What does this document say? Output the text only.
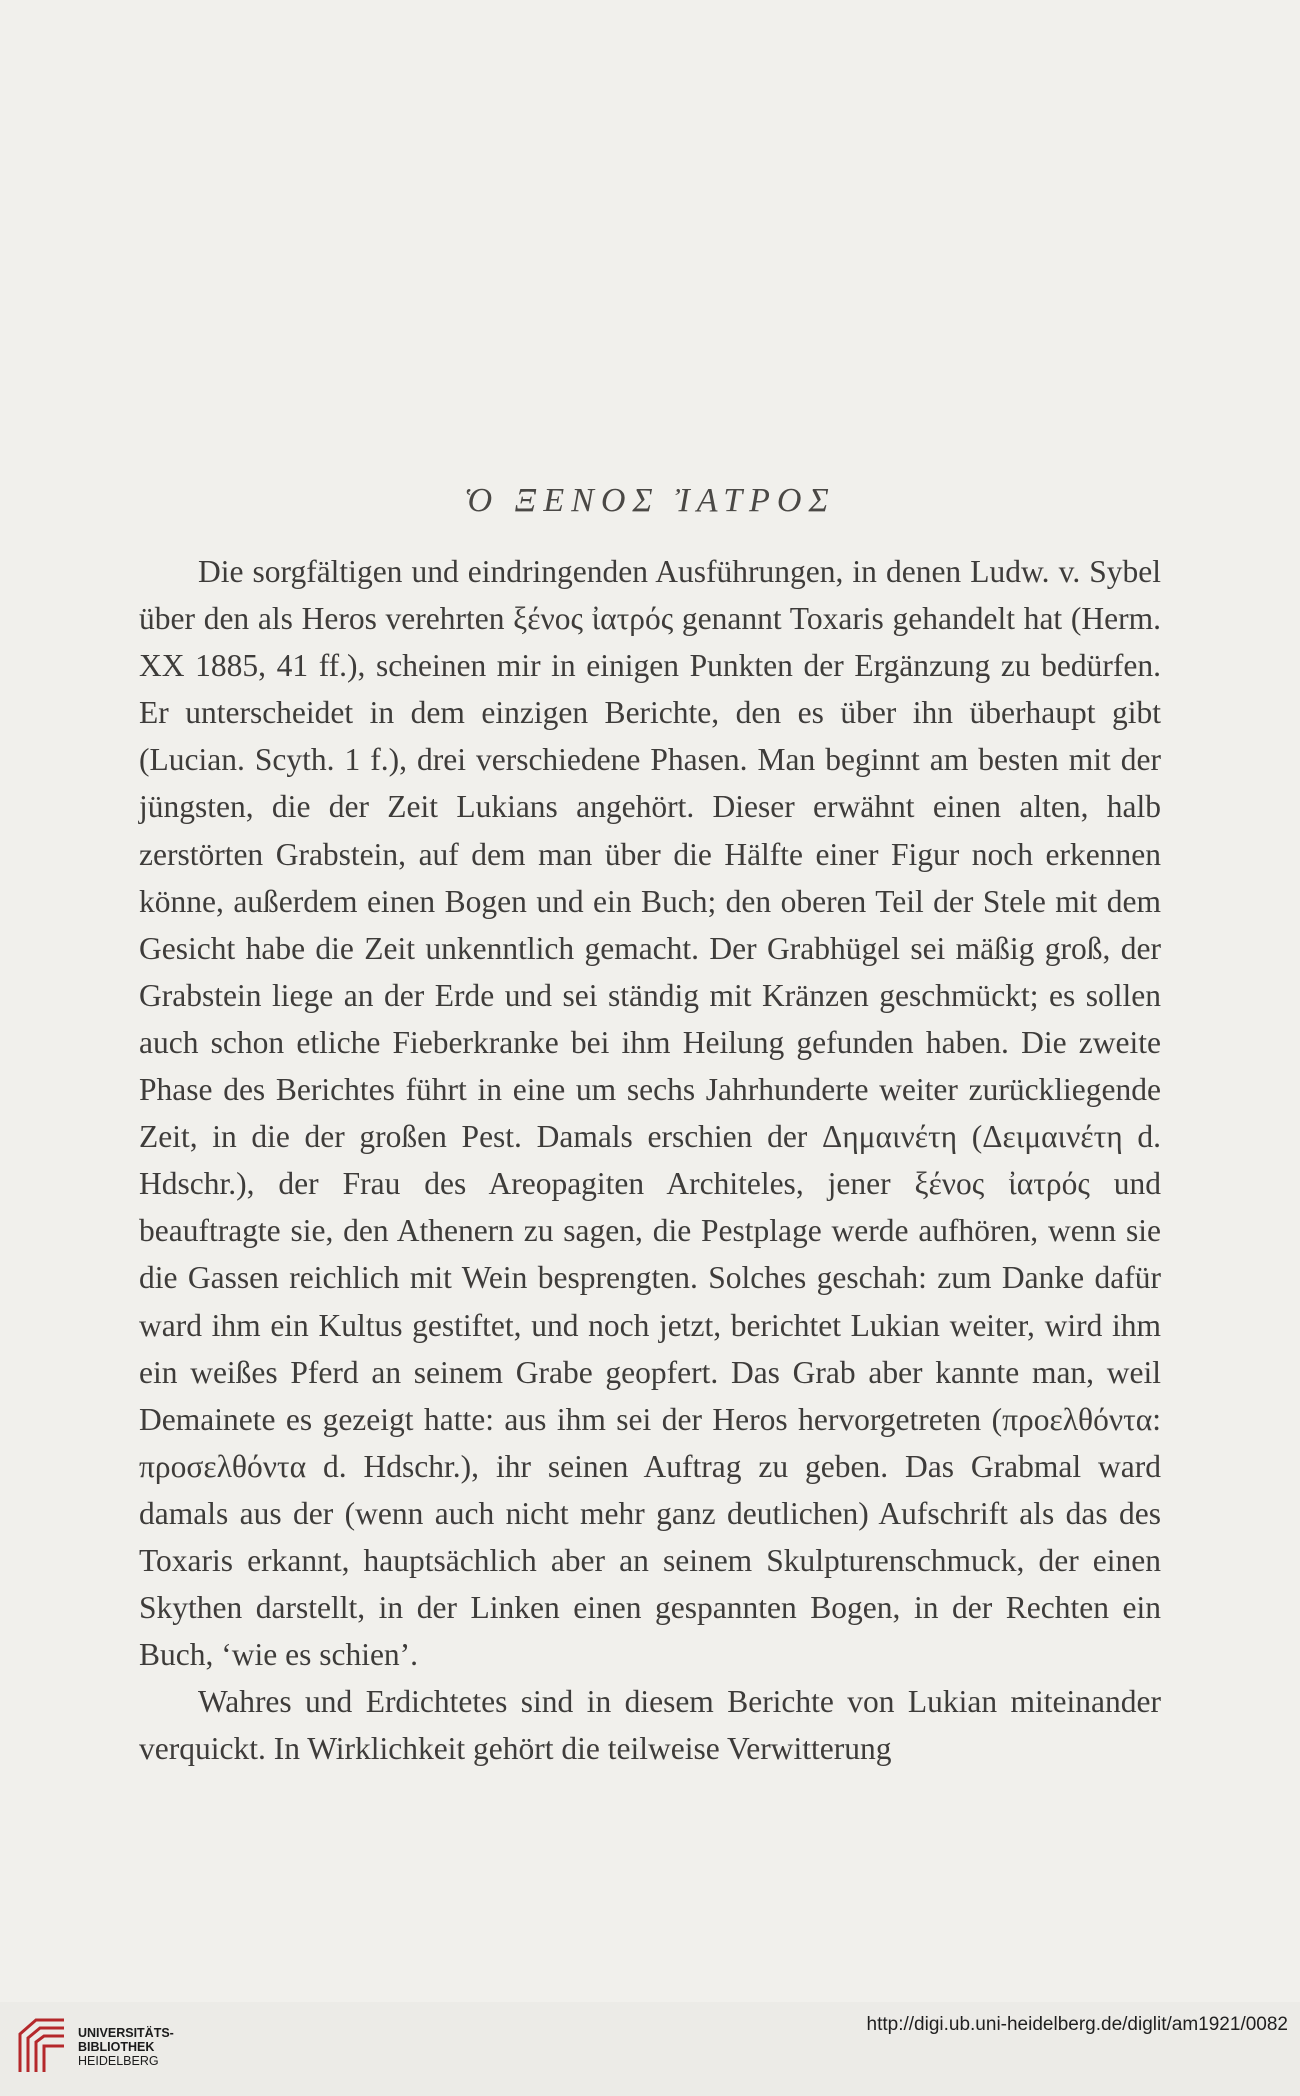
Ὁ ΞΕΝΟΣ ἸΑΤΡΟΣ

Die sorgfältigen und eindringenden Ausführungen, in denen Ludw. v. Sybel über den als Heros verehrten ξένος ἰατρός genannt Toxaris gehandelt hat (Herm. XX 1885, 41 ff.), scheinen mir in einigen Punkten der Ergänzung zu bedürfen. Er unterscheidet in dem einzigen Berichte, den es über ihn überhaupt gibt (Lucian. Scyth. 1 f.), drei verschiedene Phasen. Man beginnt am besten mit der jüngsten, die der Zeit Lukians angehört. Dieser erwähnt einen alten, halb zerstörten Grabstein, auf dem man über die Hälfte einer Figur noch erkennen könne, außerdem einen Bogen und ein Buch; den oberen Teil der Stele mit dem Gesicht habe die Zeit unkenntlich gemacht. Der Grabhügel sei mäßig groß, der Grabstein liege an der Erde und sei ständig mit Kränzen geschmückt; es sollen auch schon etliche Fieberkranke bei ihm Heilung gefunden haben. Die zweite Phase des Berichtes führt in eine um sechs Jahrhunderte weiter zurückliegende Zeit, in die der großen Pest. Damals erschien der Δημαινέτη (Δειμαινέτη d. Hdschr.), der Frau des Areopagiten Architeles, jener ξένος ἰατρός und beauftragte sie, den Athenern zu sagen, die Pestplage werde aufhören, wenn sie die Gassen reichlich mit Wein besprengten. Solches geschah: zum Danke dafür ward ihm ein Kultus gestiftet, und noch jetzt, berichtet Lukian weiter, wird ihm ein weißes Pferd an seinem Grabe geopfert. Das Grab aber kannte man, weil Demainete es gezeigt hatte: aus ihm sei der Heros hervorgetreten (προελθόντα: προσελθόντα d. Hdschr.), ihr seinen Auftrag zu geben. Das Grabmal ward damals aus der (wenn auch nicht mehr ganz deutlichen) Aufschrift als das des Toxaris erkannt, hauptsächlich aber an seinem Skulpturenschmuck, der einen Skythen darstellt, in der Linken einen gespannten Bogen, in der Rechten ein Buch, ‘wie es schien’.

Wahres und Erdichtetes sind in diesem Berichte von Lukian miteinander verquickt. In Wirklichkeit gehört die teilweise Verwitterung

UNIVERSITÄTS-
BIBLIOTHEK
HEIDELBERG
http://digi.ub.uni-heidelberg.de/diglit/am1921/0082
